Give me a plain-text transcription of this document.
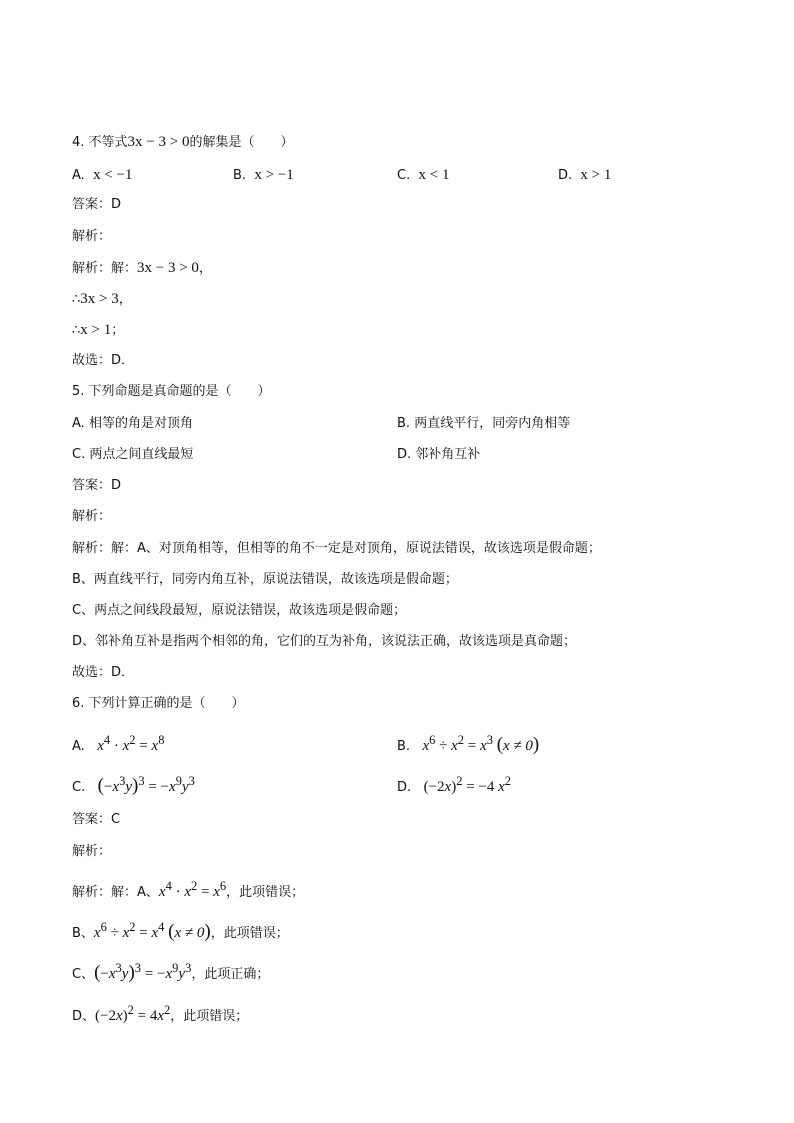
4. 不等式3x − 3 > 0的解集是（　　）
A. x < −1	B. x > −1	C. x < 1	D. x > 1
答案：D
解析：
解析：解：3x − 3 > 0，
∴3x > 3，
∴x > 1；
故选：D．
5. 下列命题是真命题的是（　　）
A. 相等的角是对顶角	B. 两直线平行，同旁内角相等
C. 两点之间直线最短	D. 邻补角互补
答案：D
解析：
解析：解：A、对顶角相等，但相等的角不一定是对顶角，原说法错误，故该选项是假命题；
B、两直线平行，同旁内角互补，原说法错误，故该选项是假命题；
C、两点之间线段最短，原说法错误，故该选项是假命题；
D、邻补角互补是指两个相邻的角，它们的互为补角，该说法正确，故该选项是真命题；
故选：D．
6. 下列计算正确的是（　　）
A. $x^4 \cdot x^2 = x^8$	B. $x^6 \div x^2 = x^3$ (x ≠ 0)
C. $(-x^3y)^3 = -x^9y^3$	D. $(-2x)^2 = -4$ $x^2$
答案：C
解析：
解析：解：A、$x^4 \cdot x^2 = x^6$，此项错误；
B、$x^6 \div x^2 = x^4$ (x ≠ 0)，此项错误；
C、$(-x^3y)^3 = -x^9y^3$，此项正确；
D、$(-2x)^2 = 4x^2$，此项错误；
